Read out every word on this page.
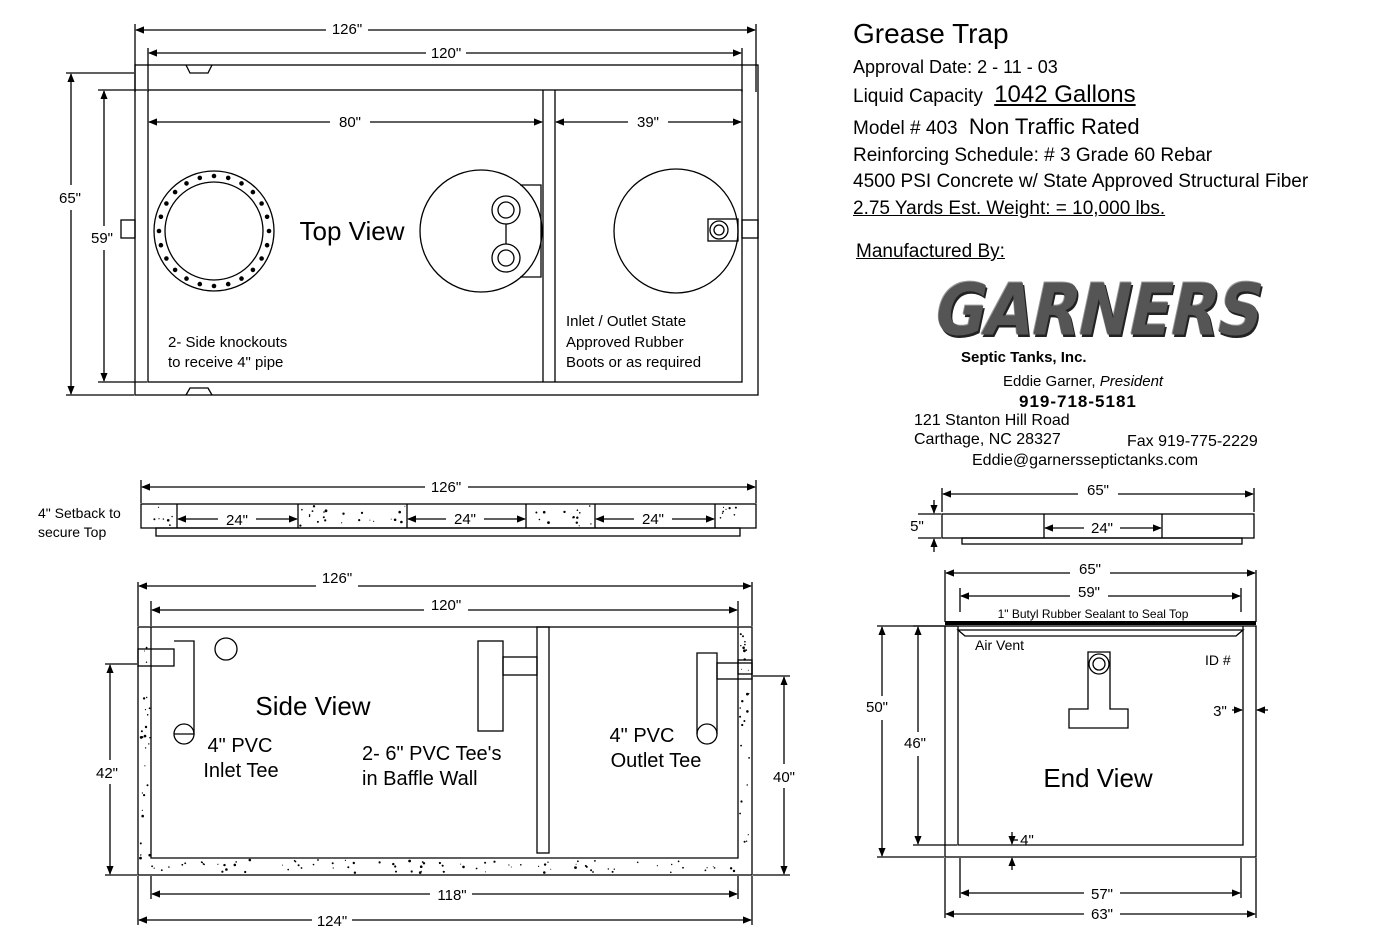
126"
120"
80"	39"
65"
59"	Top View
2- Side knockouts
to receive 4" pipe
Inlet / Outlet State
Approved Rubber
Boots or as required
126"
24"	24"	24"
4" Setback to
secure Top
126"
120"
Side View
4" PVC
Inlet Tee
2- 6" PVC Tee's
in Baffle Wall
4" PVC
Outlet Tee
42"	40"
118"
124"
65"
24"
5"
65"
59"
1" Butyl Rubber Sealant to Seal Top
Air Vent
ID #
3"
50"
46"
End View
4"
57"
63"
Grease Trap
Approval Date: 2 - 11 - 03
Liquid Capacity 1042 Gallons
Model # 403 Non Traffic Rated
Reinforcing Schedule: # 3 Grade 60 Rebar
4500 PSI Concrete w/ State Approved Structural Fiber
2.75 Yards Est. Weight: = 10,000 lbs.
Manufactured By:
GARNERS
Septic Tanks, Inc.
Eddie Garner, President
919-718-5181
121 Stanton Hill Road
Carthage, NC 28327	Fax 919-775-2229
Eddie@garnersseptictanks.com
